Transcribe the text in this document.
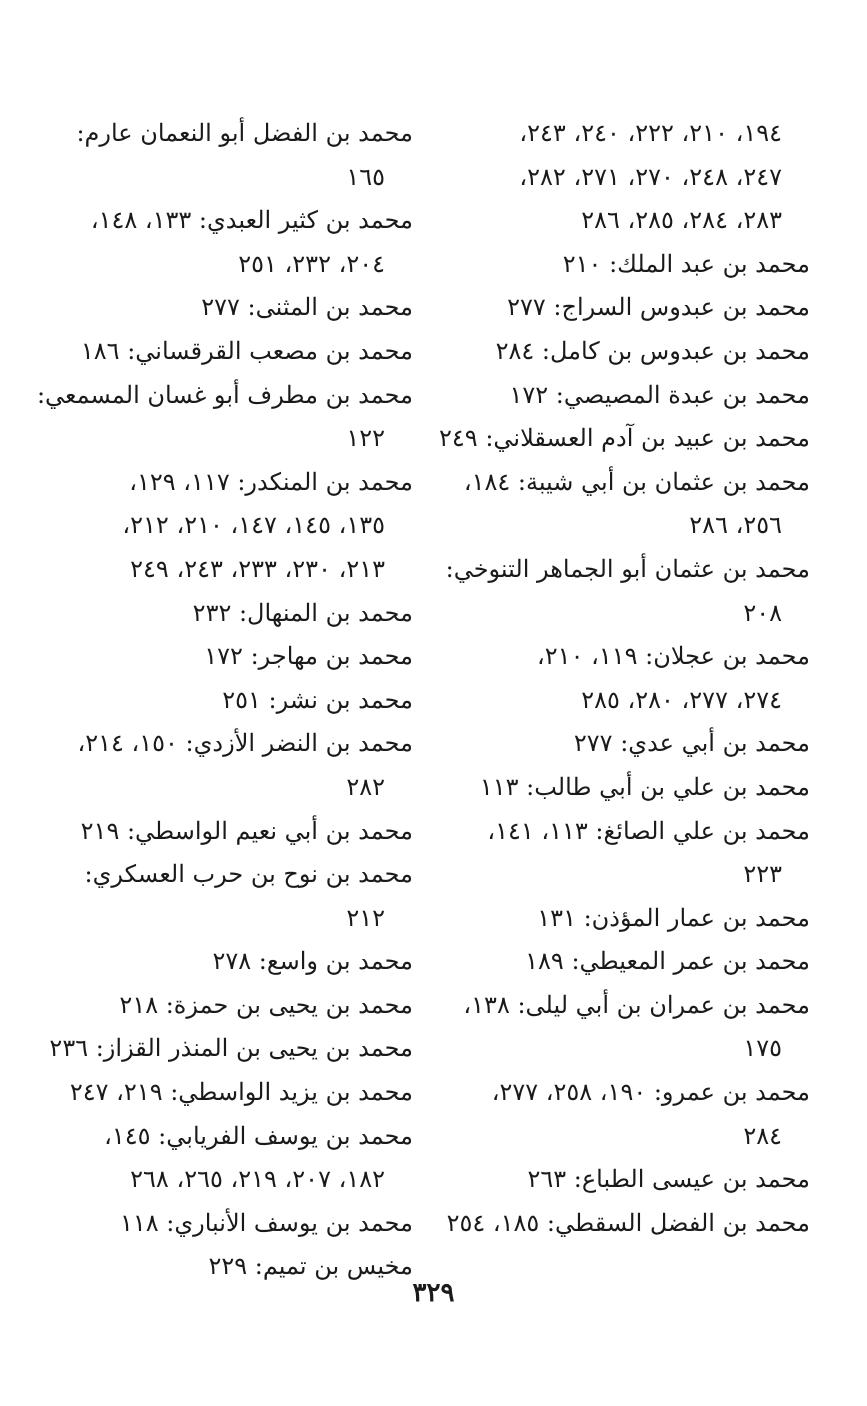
١٩٤، ٢١٠، ٢٢٢، ٢٤٠، ٢٤٣،
٢٤٧، ٢٤٨، ٢٧٠، ٢٧١، ٢٨٢،
٢٨٣، ٢٨٤، ٢٨٥، ٢٨٦
محمد بن عبد الملك: ٢١٠
محمد بن عبدوس السراج: ٢٧٧
محمد بن عبدوس بن كامل: ٢٨٤
محمد بن عبدة المصيصي: ١٧٢
محمد بن عبيد بن آدم العسقلاني: ٢٤٩
محمد بن عثمان بن أبي شيبة: ١٨٤،
٢٥٦، ٢٨٦
محمد بن عثمان أبو الجماهر التنوخي:
٢٠٨
محمد بن عجلان: ١١٩، ٢١٠،
٢٧٤، ٢٧٧، ٢٨٠، ٢٨٥
محمد بن أبي عدي: ٢٧٧
محمد بن علي بن أبي طالب: ١١٣
محمد بن علي الصائغ: ١١٣، ١٤١،
٢٢٣
محمد بن عمار المؤذن: ١٣١
محمد بن عمر المعيطي: ١٨٩
محمد بن عمران بن أبي ليلى: ١٣٨،
١٧٥
محمد بن عمرو: ١٩٠، ٢٥٨، ٢٧٧،
٢٨٤
محمد بن عيسى الطباع: ٢٦٣
محمد بن الفضل السقطي: ١٨٥، ٢٥٤
محمد بن الفضل أبو النعمان عارم:
١٦٥
محمد بن كثير العبدي: ١٣٣، ١٤٨،
٢٠٤، ٢٣٢، ٢٥١
محمد بن المثنى: ٢٧٧
محمد بن مصعب القرقساني: ١٨٦
محمد بن مطرف أبو غسان المسمعي:
١٢٢
محمد بن المنكدر: ١١٧، ١٢٩،
١٣٥، ١٤٥، ١٤٧، ٢١٠، ٢١٢،
٢١٣، ٢٣٠، ٢٣٣، ٢٤٣، ٢٤٩
محمد بن المنهال: ٢٣٢
محمد بن مهاجر: ١٧٢
محمد بن نشر: ٢٥١
محمد بن النضر الأزدي: ١٥٠، ٢١٤،
٢٨٢
محمد بن أبي نعيم الواسطي: ٢١٩
محمد بن نوح بن حرب العسكري:
٢١٢
محمد بن واسع: ٢٧٨
محمد بن يحيى بن حمزة: ٢١٨
محمد بن يحيى بن المنذر القزاز: ٢٣٦
محمد بن يزيد الواسطي: ٢١٩، ٢٤٧
محمد بن يوسف الفريابي: ١٤٥،
١٨٢، ٢٠٧، ٢١٩، ٢٦٥، ٢٦٨
محمد بن يوسف الأنباري: ١١٨
مخيس بن تميم: ٢٢٩
٣٢٩
